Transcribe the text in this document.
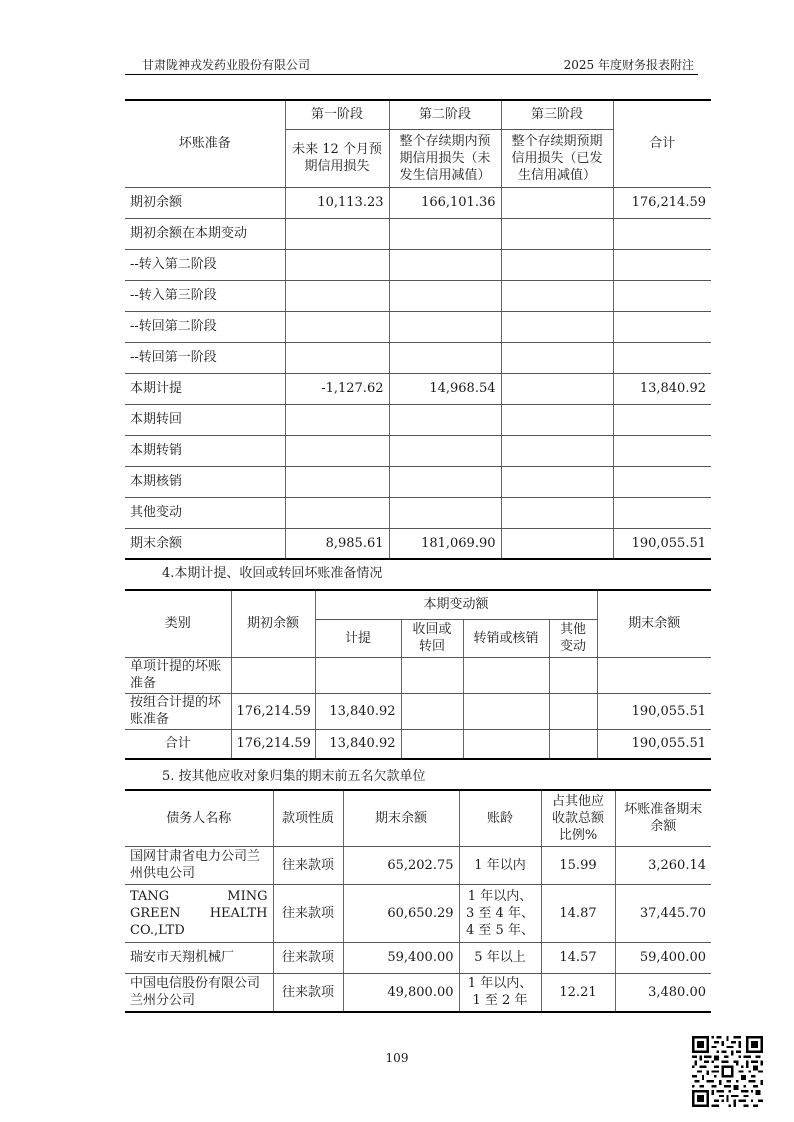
甘肃陇神戎发药业股份有限公司	2025 年度财务报表附注
坏账准备	第一阶段	第二阶段	第三阶段	合计
	未来 12 个月预期信用损失	整个存续期内预期信用损失（未发生信用减值）	整个存续期预期信用损失（已发生信用减值）	
期初余额	10,113.23	166,101.36		176,214.59
期初余额在本期变动				
--转入第二阶段				
--转入第三阶段				
--转回第二阶段				
--转回第一阶段				
本期计提	-1,127.62	14,968.54		13,840.92
本期转回				
本期转销				
本期核销				
其他变动				
期末余额	8,985.61	181,069.90		190,055.51
4.本期计提、收回或转回坏账准备情况
类别	期初余额	本期变动额				期末余额
		计提	收回或转回	转销或核销	其他变动	
单项计提的坏账准备						
按组合计提的坏账准备	176,214.59	13,840.92				190,055.51
合计	176,214.59	13,840.92				190,055.51
5. 按其他应收对象归集的期末前五名欠款单位
债务人名称	款项性质	期末余额	账龄	占其他应收款总额比例%	坏账准备期末余额
国网甘肃省电力公司兰州供电公司	往来款项	65,202.75	1 年以内	15.99	3,260.14
TANG MING GREEN HEALTH CO.,LTD	往来款项	60,650.29	1 年以内、3 至 4 年、4 至 5 年、	14.87	37,445.70
瑞安市天翔机械厂	往来款项	59,400.00	5 年以上	14.57	59,400.00
中国电信股份有限公司兰州分公司	往来款项	49,800.00	1 年以内、1 至 2 年	12.21	3,480.00
109
